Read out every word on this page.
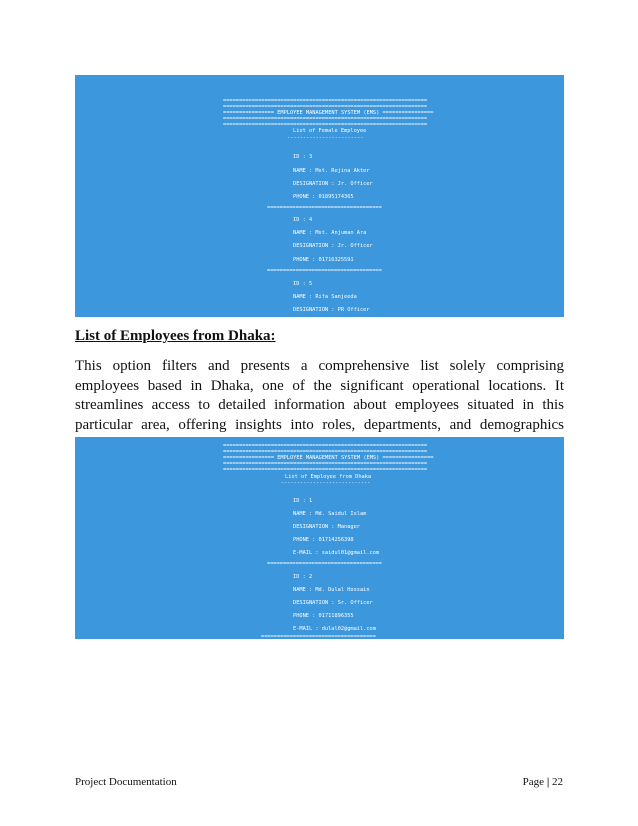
================================================================
================================================================
================ EMPLOYEE MANAGEMENT SYSTEM (EMS) ================
================================================================
================================================================
List of Female Employee
------------------------
ID : 3
NAME : Mst. Rejina Akter
DESIGNATION : Jr. Officer
PHONE : 01895174365
====================================
ID : 4
NAME : Mst. Anjuman Ara
DESIGNATION : Jr. Officer
PHONE : 01716325591
====================================
ID : 5
NAME : Rifa Sanjeeda
DESIGNATION : PR Officer
List of Employees from Dhaka:

This option filters and presents a comprehensive list solely comprising employees based in Dhaka, one of the significant operational locations. It streamlines access to detailed information about employees situated in this particular area, offering insights into roles, departments, and demographics

================================================================
================================================================
================ EMPLOYEE MANAGEMENT SYSTEM (EMS) ================
================================================================
================================================================
List of Employee from Dhaka
----------------------------
ID : 1
NAME : Md. Saidul Islam
DESIGNATION : Manager
PHONE : 01714256398
E-MAIL : saidul01@gmail.com
====================================
ID : 2
NAME : Md. Dulal Hossain
DESIGNATION : Sr. Officer
PHONE : 01711896355
E-MAIL : dulal02@gmail.com
====================================

Project Documentation	Page | 22
